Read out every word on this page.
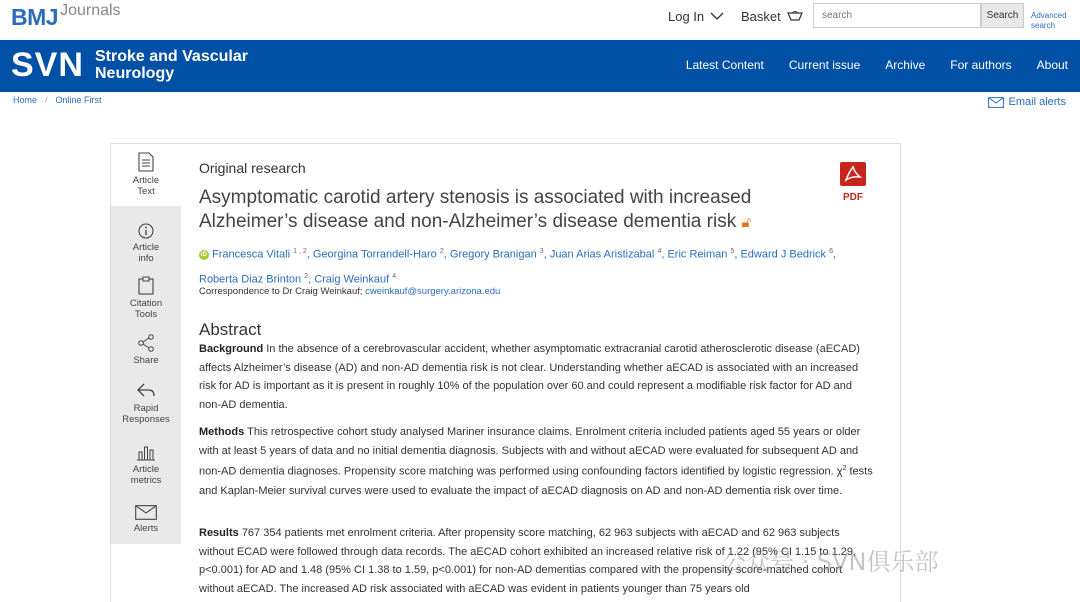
BMJ Journals	Log In	Basket
search	Search	Advanced search
SVN Stroke and Vascular
Neurology	Latest Content Current issue Archive For authors About
Home / Online First	Email alerts
Article
Text
Article
info
Citation
Tools
Share
Rapid
Responses
Article
metrics
Alerts
Original research
Asymptomatic carotid artery stenosis is associated with increased Alzheimer’s disease and non-Alzheimer’s disease dementia risk 🔓︎
PDF
iD Francesca Vitali $^{1 , 2}$, Georgina Torrandell-Haro $^2$, Gregory Branigan $^3$, Juan Arias Aristizabal $^4$, Eric Reiman $^5$, Edward J Bedrick $^6$, Roberta Diaz Brinton $^2$, Craig Weinkauf $^4$
Correspondence to Dr Craig Weinkauf; cweinkauf@surgery.arizona.edu
Abstract
Background In the absence of a cerebrovascular accident, whether asymptomatic extracranial carotid atherosclerotic disease (aECAD) affects Alzheimer’s disease (AD) and non-AD dementia risk is not clear. Understanding whether aECAD is associated with an increased risk for AD is important as it is present in roughly 10% of the population over 60 and could represent a modifiable risk factor for AD and non-AD dementia.
Methods This retrospective cohort study analysed Mariner insurance claims. Enrolment criteria included patients aged 55 years or older with at least 5 years of data and no initial dementia diagnosis. Subjects with and without aECAD were evaluated for subsequent AD and non-AD dementia diagnoses. Propensity score matching was performed using confounding factors identified by logistic regression. $\chi^2$ tests and Kaplan-Meier survival curves were used to evaluate the impact of aECAD diagnosis on AD and non-AD dementia risk over time.
Results 767 354 patients met enrolment criteria. After propensity score matching, 62 963 subjects with aECAD and 62 963 subjects without ECAD were followed through data records. The aECAD cohort exhibited an increased relative risk of 1.22 (95% CI 1.15 to 1.29, p<0.001) for AD and 1.48 (95% CI 1.38 to 1.59, p<0.001) for non-AD dementias compared with the propensity score-matched cohort without aECAD. The increased AD risk associated with aECAD was evident in patients younger than 75 years old
公众号 · SVN俱乐部
